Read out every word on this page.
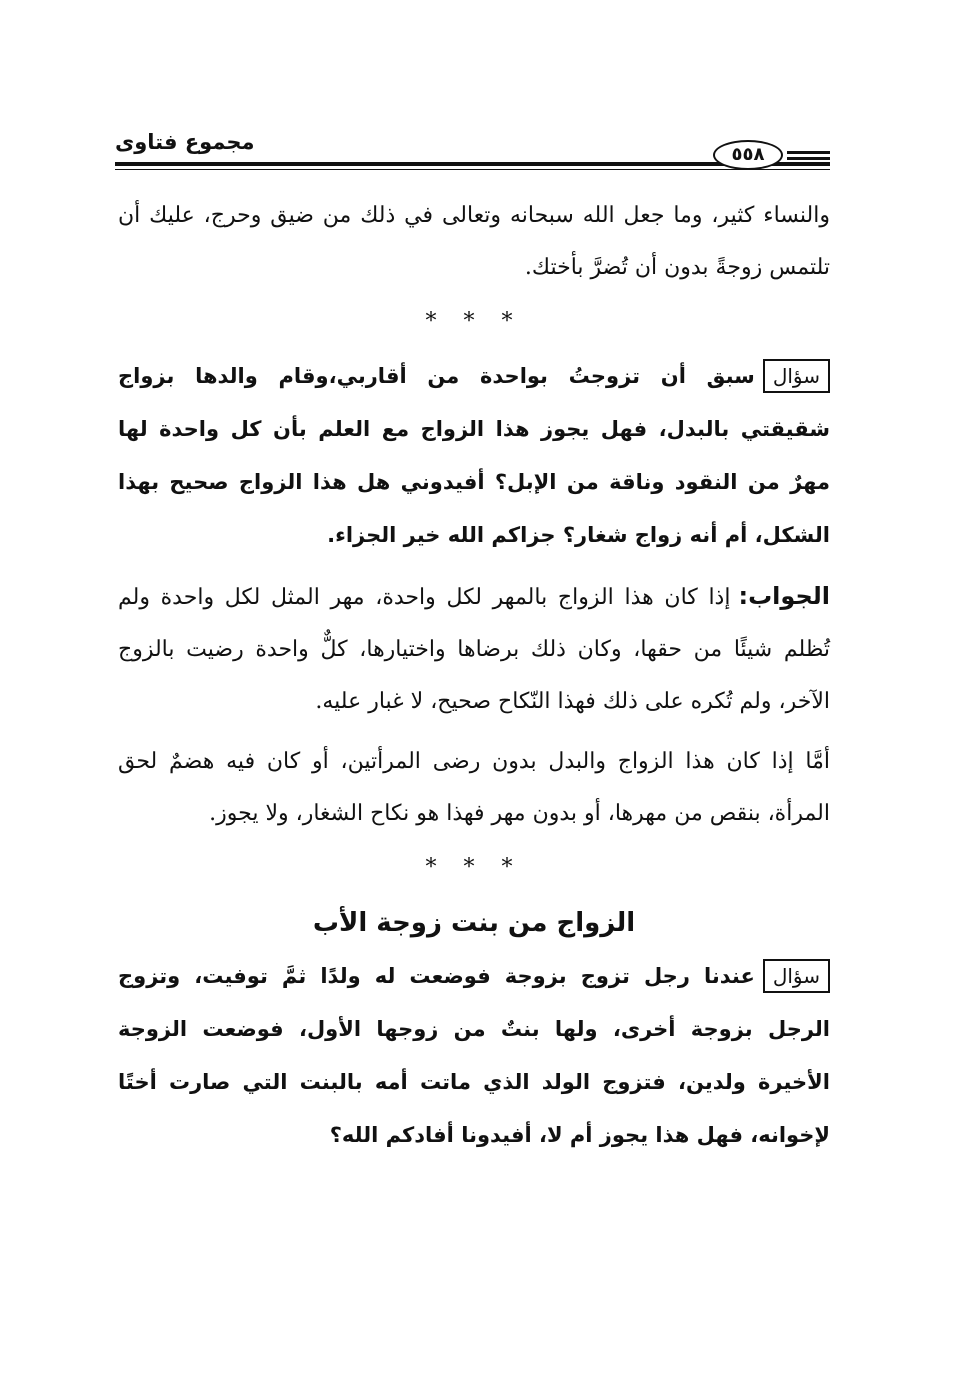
مجموع فتاوى
٥٥٨

والنساء كثير، وما جعل الله سبحانه وتعالى في ذلك من ضيق وحرج، عليك أن تلتمس زوجةً بدون أن تُضرَّ بأختك.

* * *

سؤالسبق أن تزوجتُ بواحدة من أقاربي،وقام والدها بزواج شقيقتي بالبدل، فهل يجوز هذا الزواج مع العلم بأن كل واحدة لها مهرٌ من النقود وناقة من الإبل؟ أفيدوني هل هذا الزواج صحيح بهذا الشكل، أم أنه زواج شغار؟ جزاكم الله خير الجزاء.

الجواب:إذا كان هذا الزواج بالمهر لكل واحدة، مهر المثل لكل واحدة ولم تُظلم شيئًا من حقها، وكان ذلك برضاها واختيارها، كلٌّ واحدة رضيت بالزوج الآخر، ولم تُكره على ذلك فهذا النّكاح صحيح، لا غبار عليه.

أمَّا إذا كان هذا الزواج والبدل بدون رضى المرأتين، أو كان فيه هضمٌ لحق المرأة، بنقص من مهرها، أو بدون مهر فهذا هو نكاح الشغار، ولا يجوز.

* * *

الزواج من بنت زوجة الأب

سؤالعندنا رجل تزوج بزوجة فوضعت له ولدًا ثمَّ توفيت، وتزوج الرجل بزوجة أخرى، ولها بنتٌ من زوجها الأول، فوضعت الزوجة الأخيرة ولدين، فتزوج الولد الذي ماتت أمه بالبنت التي صارت أختًا لإخوانه، فهل هذا يجوز أم لا، أفيدونا أفادكم الله؟
